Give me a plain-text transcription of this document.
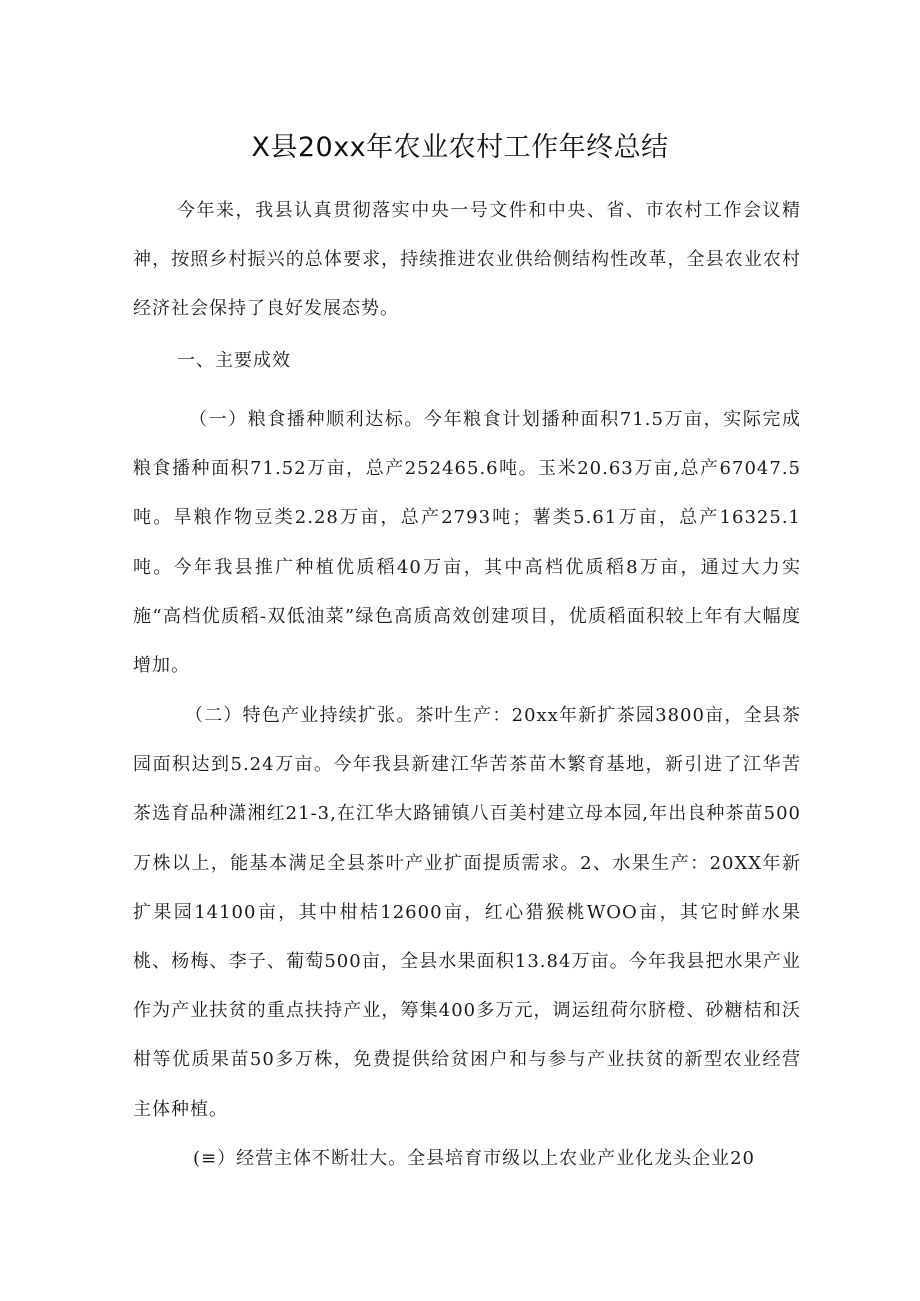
X县20xx年农业农村工作年终总结

今年来，我县认真贯彻落实中央一号文件和中央、省、市农村工作会议精神，按照乡村振兴的总体要求，持续推进农业供给侧结构性改革，全县农业农村经济社会保持了良好发展态势。

一、主要成效

（一）粮食播种顺利达标。今年粮食计划播种面积71.5万亩，实际完成粮食播种面积71.52万亩，总产252465.6吨。玉米20.63万亩,总产67047.5吨。旱粮作物豆类2.28万亩，总产2793吨；薯类5.61万亩，总产16325.1吨。今年我县推广种植优质稻40万亩，其中高档优质稻8万亩，通过大力实施“高档优质稻-双低油菜”绿色高质高效创建项目，优质稻面积较上年有大幅度增加。

（二）特色产业持续扩张。茶叶生产：20xx年新扩茶园3800亩，全县茶园面积达到5.24万亩。今年我县新建江华苦茶苗木繁育基地，新引进了江华苦茶选育品种潇湘红21-3,在江华大路铺镇八百美村建立母本园,年出良种茶苗500万株以上，能基本满足全县茶叶产业扩面提质需求。2、水果生产：20XX年新扩果园14100亩，其中柑桔12600亩，红心猎猴桃WOO亩，其它时鲜水果桃、杨梅、李子、葡萄500亩，全县水果面积13.84万亩。今年我县把水果产业作为产业扶贫的重点扶持产业，筹集400多万元，调运纽荷尔脐橙、砂糖桔和沃柑等优质果苗50多万株，免费提供给贫困户和与参与产业扶贫的新型农业经营主体种植。

(≡）经营主体不断壮大。全县培育市级以上农业产业化龙头企业20
